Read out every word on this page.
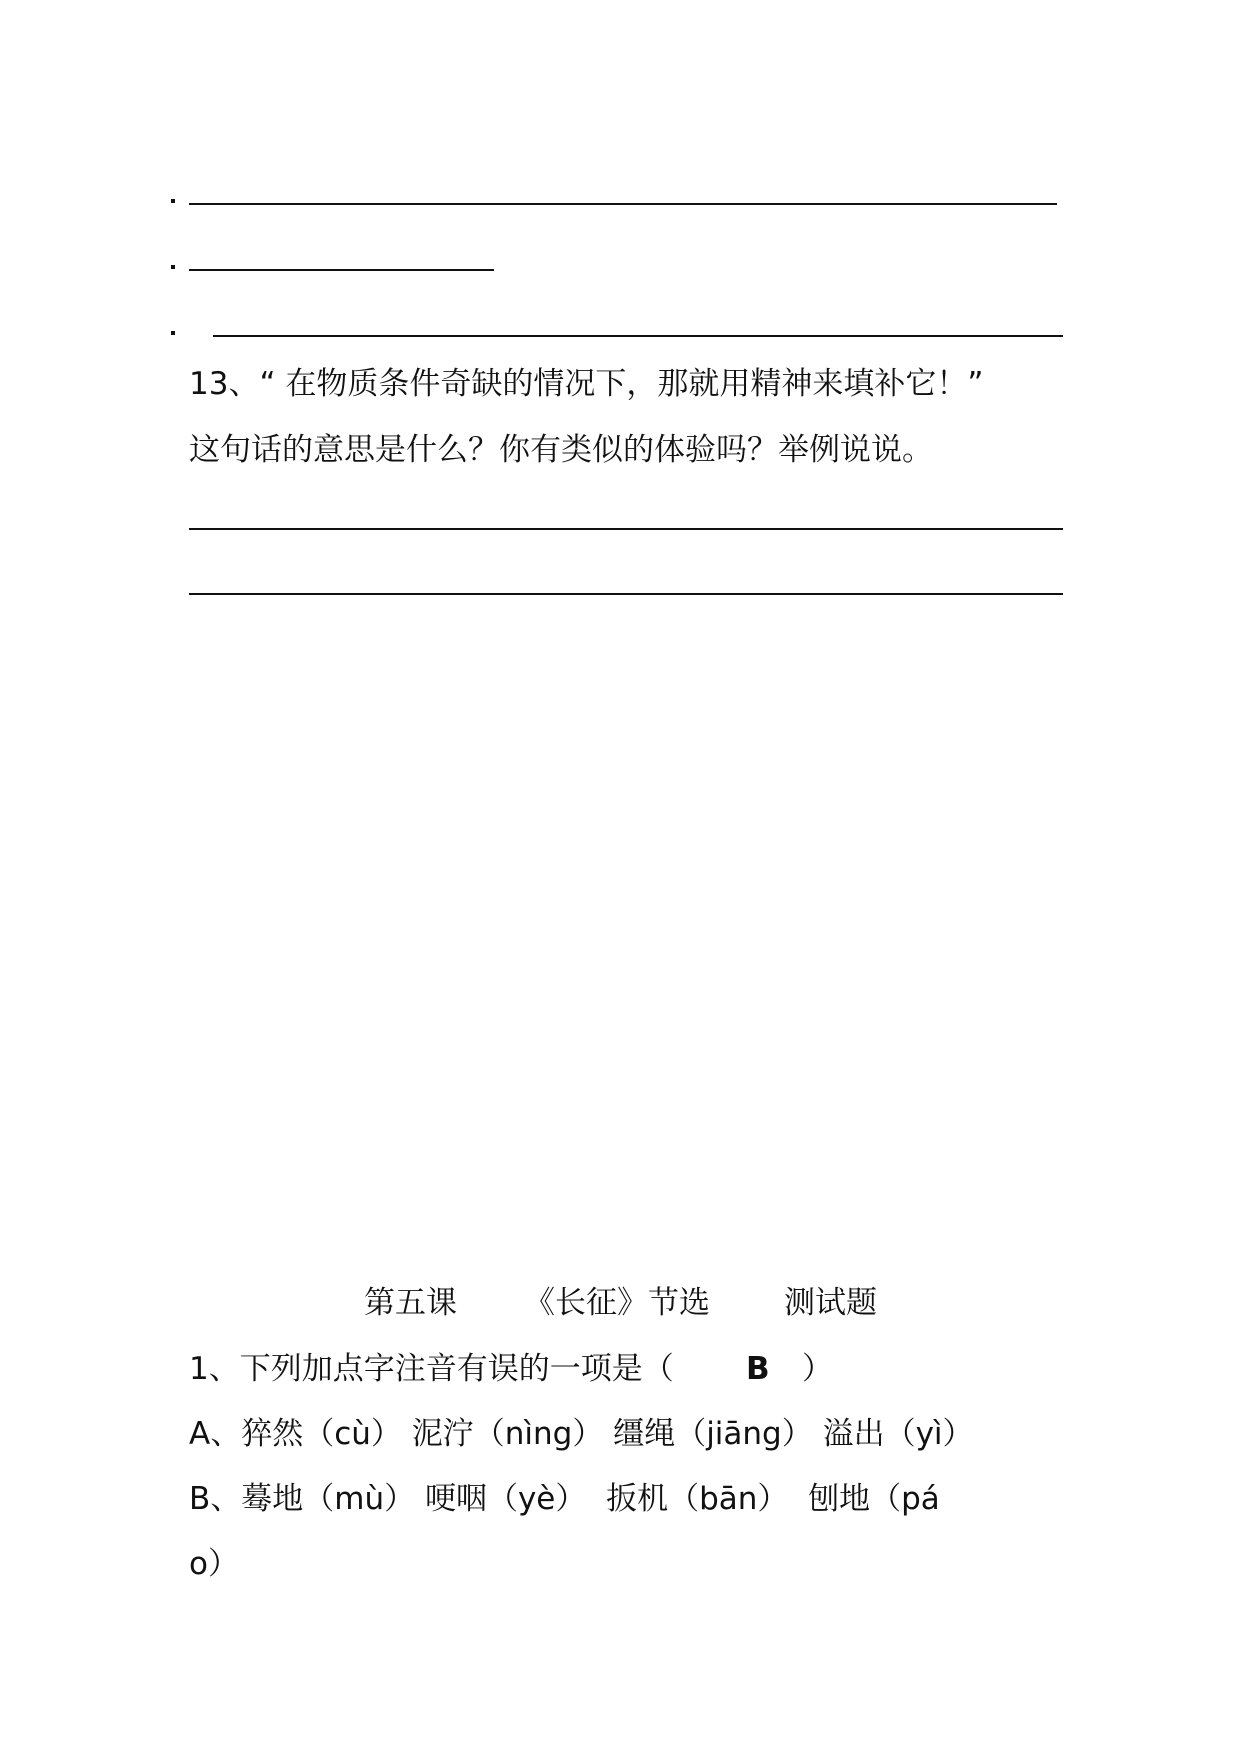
13、“ 在物质条件奇缺的情况下，那就用精神来填补它！”
这句话的意思是什么？你有类似的体验吗？举例说说。
第五课 《长征》节选 测试题
1、下列加点字注音有误的一项是（ B ）
A、猝然（cù） 泥泞（nìng） 缰绳（jiāng） 溢出（yì）
B、蓦地（mù） 哽咽（yè）  扳机（bān）  刨地（pá
o）
